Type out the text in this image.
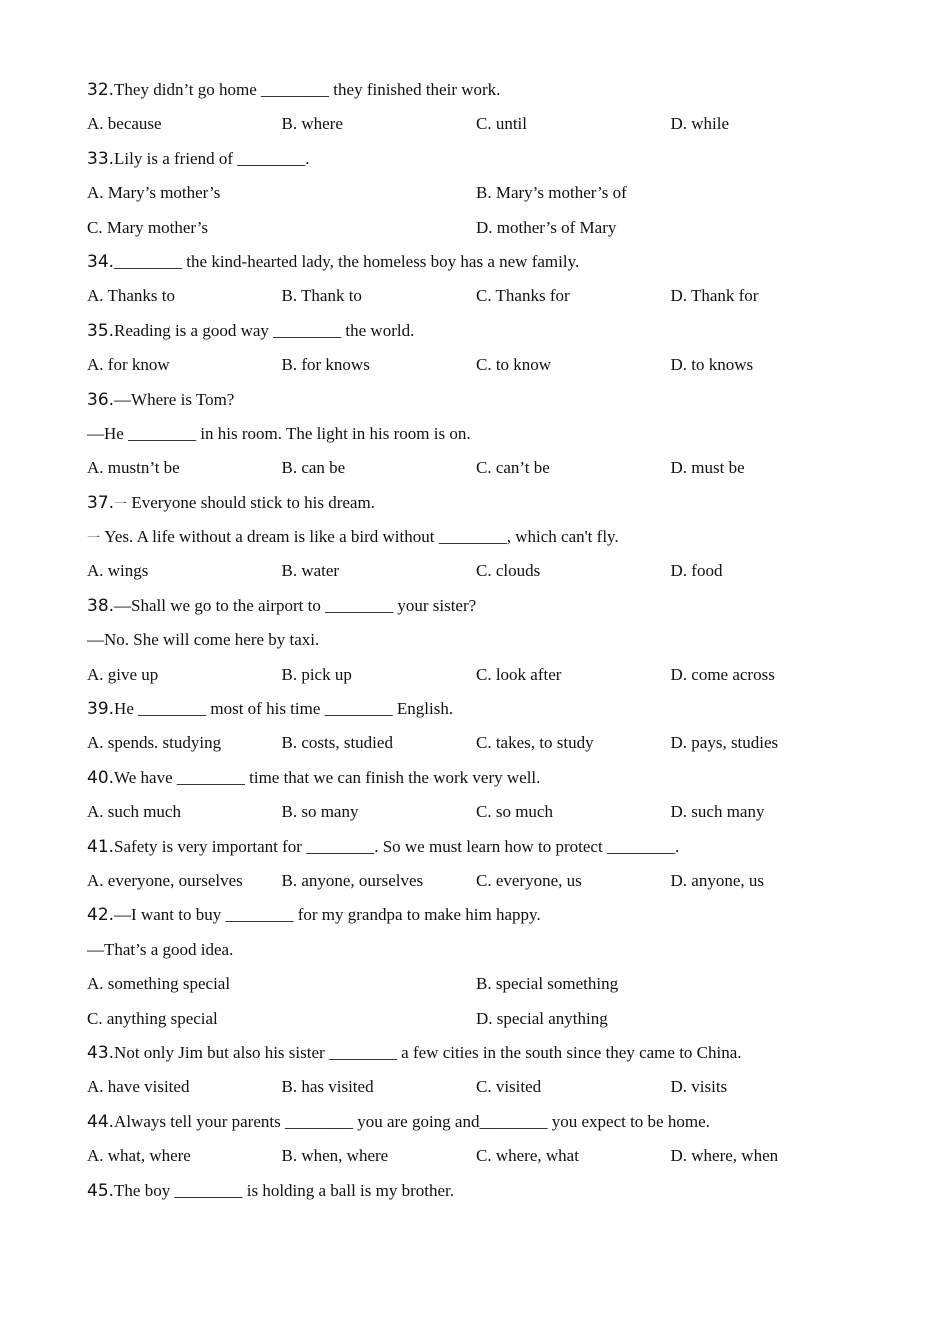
32.They didn’t go home ________ they finished their work.
A. because	B. where	C. until	D. while
33.Lily is a friend of ________.
A. Mary’s mother’s	B. Mary’s mother’s of
C. Mary mother’s	D. mother’s of Mary
34.________ the kind-hearted lady, the homeless boy has a new family.
A. Thanks to	B. Thank to	C. Thanks for	D. Thank for
35.Reading is a good way ________ the world.
A. for know	B. for knows	C. to know	D. to knows
36.—Where is Tom?
—He ________ in his room. The light in his room is on.
A. mustn’t be	B. can be	C. can’t be	D. must be
37.一 Everyone should stick to his dream.
一 Yes. A life without a dream is like a bird without ________, which can't fly.
A. wings	B. water	C. clouds	D. food
38.—Shall we go to the airport to ________ your sister?
—No. She will come here by taxi.
A. give up	B. pick up	C. look after	D. come across
39.He ________ most of his time ________ English.
A. spends. studying	B. costs, studied	C. takes, to study	D. pays, studies
40.We have ________ time that we can finish the work very well.
A. such much	B. so many	C. so much	D. such many
41.Safety is very important for ________. So we must learn how to protect ________.
A. everyone, ourselves	B. anyone, ourselves	C. everyone, us	D. anyone, us
42.—I want to buy ________ for my grandpa to make him happy.
—That’s a good idea.
A. something special	B. special something
C. anything special	D. special anything
43.Not only Jim but also his sister ________ a few cities in the south since they came to China.
A. have visited	B. has visited	C. visited	D. visits
44.Always tell your parents ________ you are going and________ you expect to be home.
A. what, where	B. when, where	C. where, what	D. where, when
45.The boy ________ is holding a ball is my brother.
